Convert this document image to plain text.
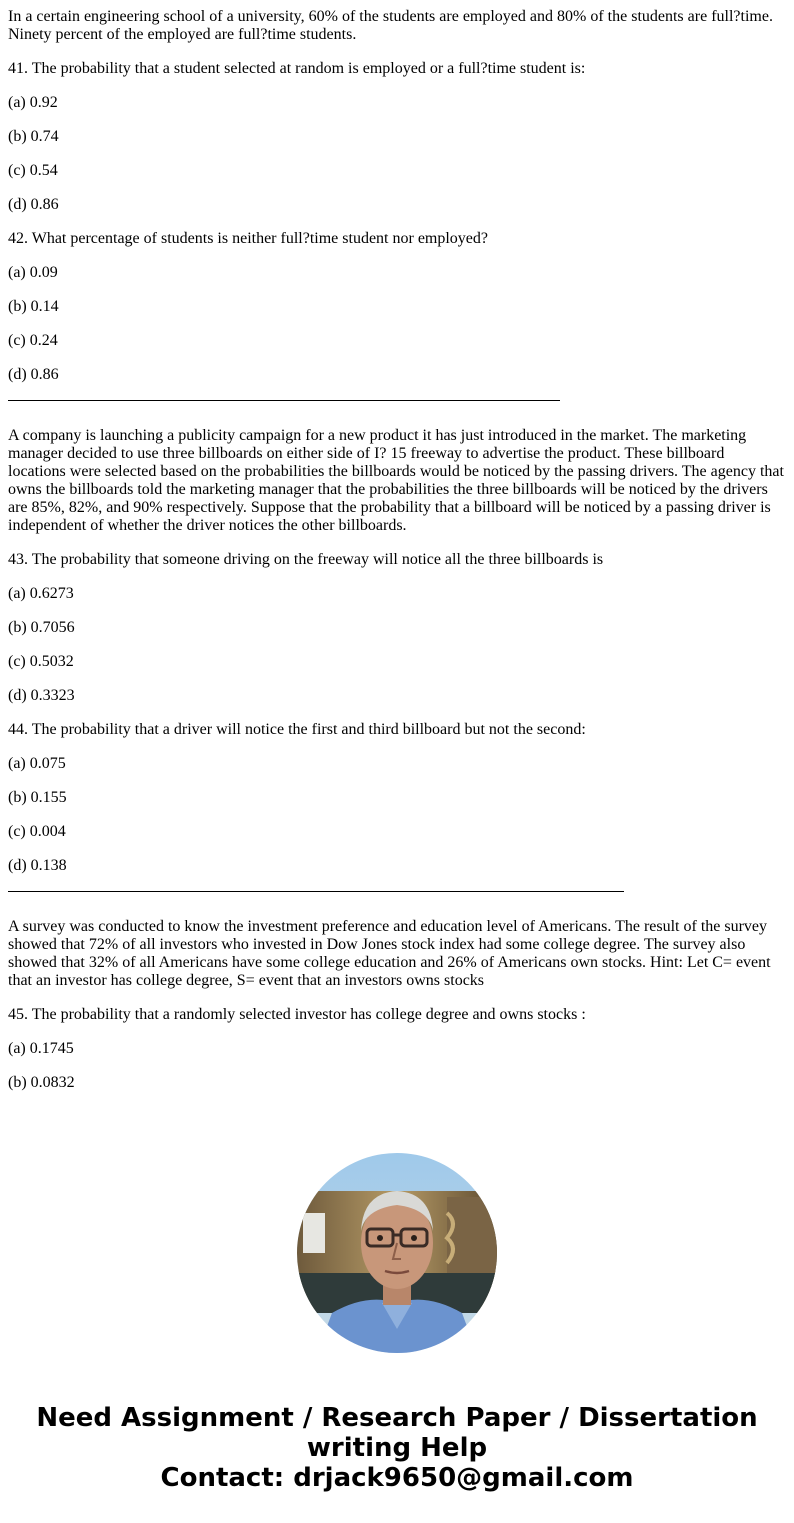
In a certain engineering school of a university, 60% of the students are employed and 80% of the students are full?time. Ninety percent of the employed are full?time students.

41. The probability that a student selected at random is employed or a full?time student is:

(a) 0.92

(b) 0.74

(c) 0.54

(d) 0.86

42. What percentage of students is neither full?time student nor employed?

(a) 0.09

(b) 0.14

(c) 0.24

(d) 0.86

A company is launching a publicity campaign for a new product it has just introduced in the market. The marketing manager decided to use three billboards on either side of I? 15 freeway to advertise the product. These billboard locations were selected based on the probabilities the billboards would be noticed by the passing drivers. The agency that owns the billboards told the marketing manager that the probabilities the three billboards will be noticed by the drivers are 85%, 82%, and 90% respectively. Suppose that the probability that a billboard will be noticed by a passing driver is independent of whether the driver notices the other billboards.

43. The probability that someone driving on the freeway will notice all the three billboards is

(a) 0.6273

(b) 0.7056

(c) 0.5032

(d) 0.3323

44. The probability that a driver will notice the first and third billboard but not the second:

(a) 0.075

(b) 0.155

(c) 0.004

(d) 0.138

A survey was conducted to know the investment preference and education level of Americans. The result of the survey showed that 72% of all investors who invested in Dow Jones stock index had some college degree. The survey also showed that 32% of all Americans have some college education and 26% of Americans own stocks. Hint: Let C= event that an investor has college degree, S= event that an investors owns stocks

45. The probability that a randomly selected investor has college degree and owns stocks :

(a) 0.1745

(b) 0.0832

Need Assignment / Research Paper / Dissertation
writing Help
Contact: drjack9650@gmail.com
